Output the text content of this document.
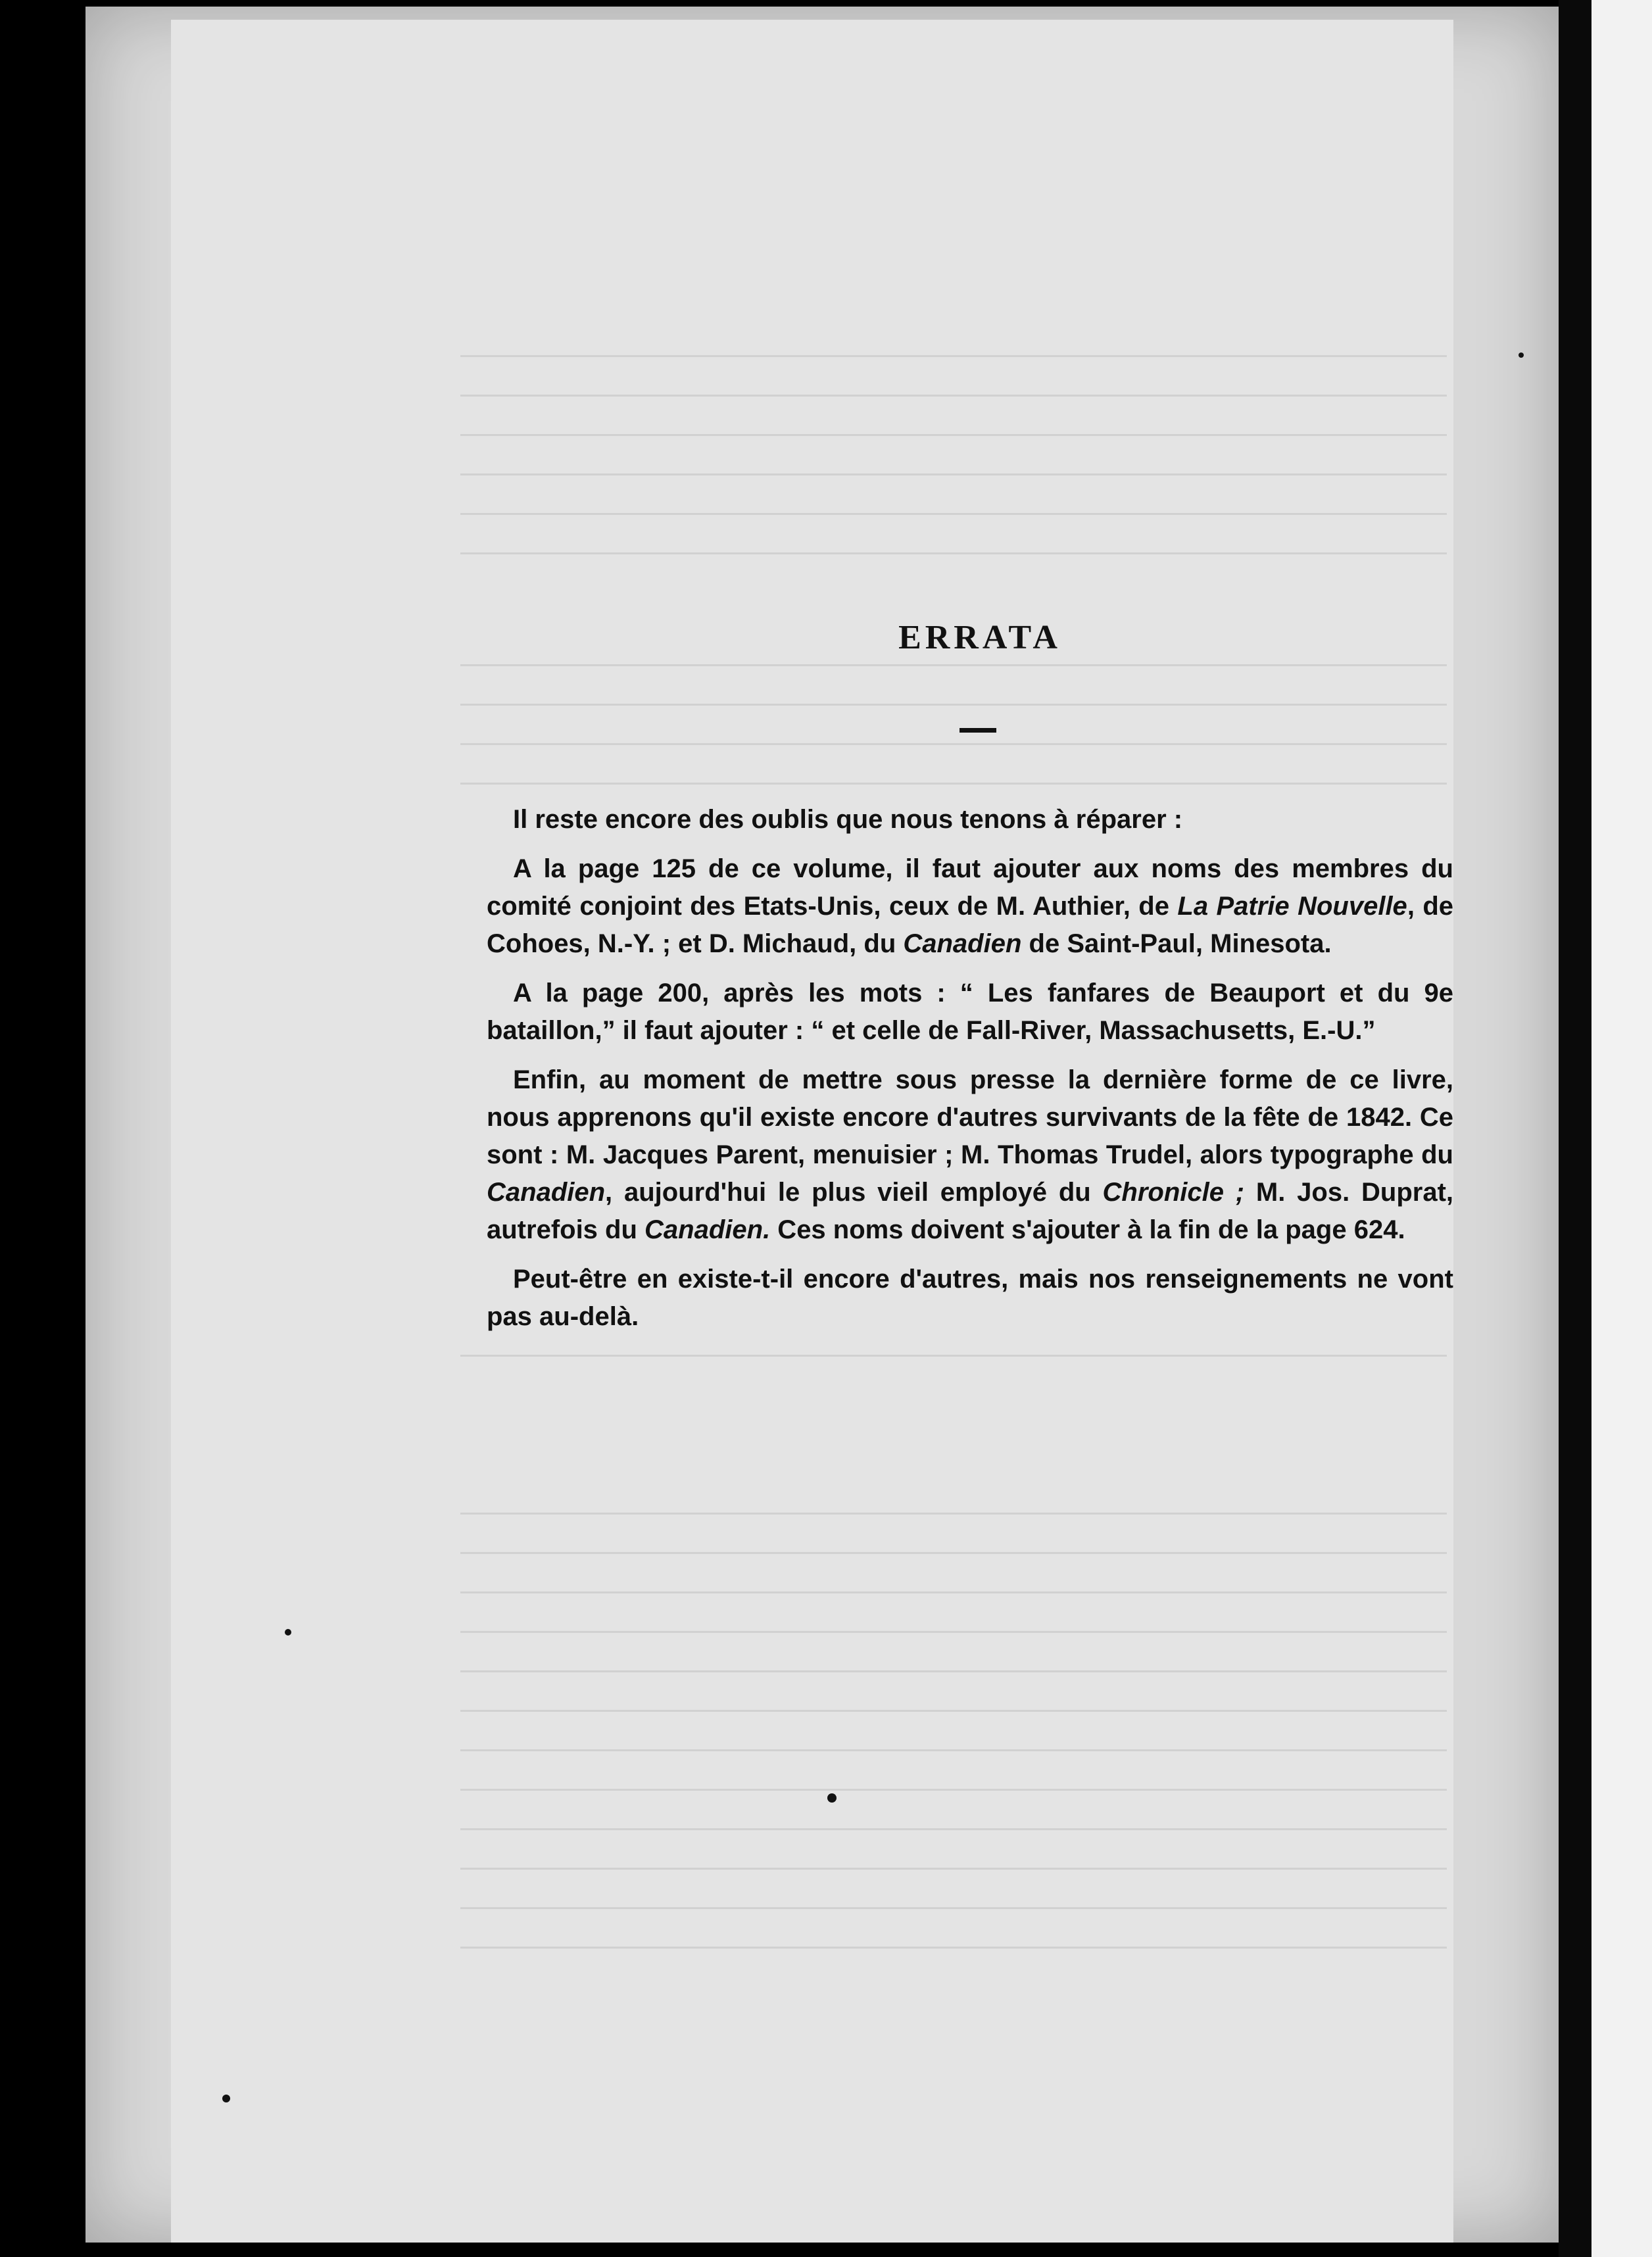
ERRATA

Il reste encore des oublis que nous tenons à réparer :

A la page 125 de ce volume, il faut ajouter aux noms des membres du comité conjoint des Etats-Unis, ceux de M. Authier, de La Patrie Nouvelle, de Cohoes, N.-Y. ; et D. Michaud, du Canadien de Saint-Paul, Minesota.

A la page 200, après les mots : “ Les fanfares de Beauport et du 9e bataillon,” il faut ajouter : “ et celle de Fall-River, Massachusetts, E.-U.”

Enfin, au moment de mettre sous presse la dernière forme de ce livre, nous apprenons qu'il existe encore d'autres survivants de la fête de 1842. Ce sont : M. Jacques Parent, menuisier ; M. Thomas Trudel, alors typographe du Canadien, aujourd'hui le plus vieil employé du Chronicle ; M. Jos. Duprat, autrefois du Canadien. Ces noms doivent s'ajouter à la fin de la page 624.

Peut-être en existe-t-il encore d'autres, mais nos renseignements ne vont pas au-delà.
